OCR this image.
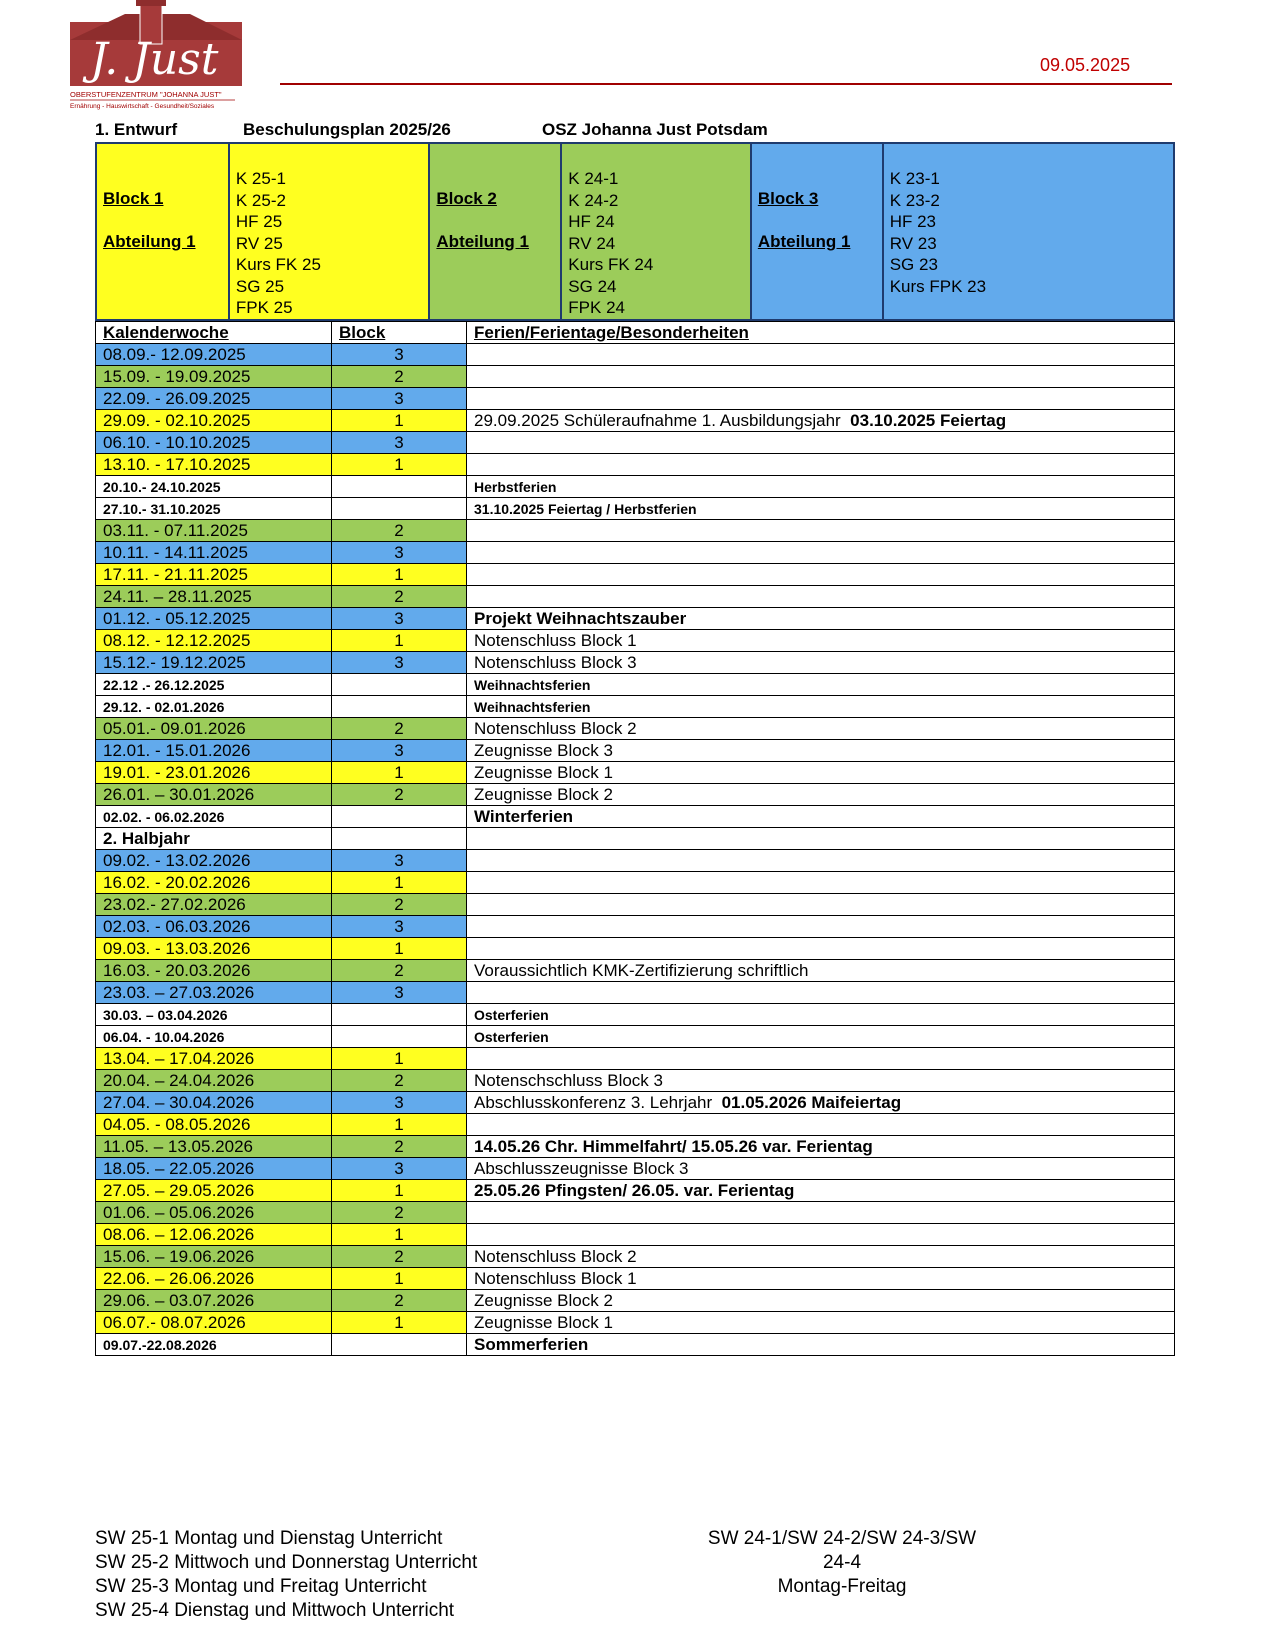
J. Just
OBERSTUFENZENTRUM "JOHANNA JUST"
Ernährung - Hauswirtschaft - Gesundheit/Soziales
09.05.2025
1. Entwurf	Beschulungsplan 2025/26	OSZ Johanna Just Potsdam
Block 1
Abteilung 1

K 25-1
K 25-2
HF 25
RV 25
Kurs FK 25
SG 25
FPK 25

Block 2
Abteilung 1

K 24-1
K 24-2
HF 24
RV 24
Kurs FK 24
SG 24
FPK 24

Block 3
Abteilung 1

K 23-1
K 23-2
HF 23
RV 23
SG 23
Kurs FPK 23
Kalenderwoche	Block	Ferien/Ferientage/Besonderheiten
08.09.- 12.09.2025	3	
15.09. - 19.09.2025	2	
22.09. - 26.09.2025	3	
29.09. - 02.10.2025	1	29.09.2025 Schüleraufnahme 1. Ausbildungsjahr 03.10.2025 Feiertag
06.10. - 10.10.2025	3	
13.10. - 17.10.2025	1	
20.10.- 24.10.2025		Herbstferien
27.10.- 31.10.2025		31.10.2025 Feiertag / Herbstferien
03.11. - 07.11.2025	2	
10.11. - 14.11.2025	3	
17.11. - 21.11.2025	1	
24.11. – 28.11.2025	2	
01.12. - 05.12.2025	3	Projekt Weihnachtszauber
08.12. - 12.12.2025	1	Notenschluss Block 1
15.12.- 19.12.2025	3	Notenschluss Block 3
22.12 .- 26.12.2025		Weihnachtsferien
29.12. - 02.01.2026		Weihnachtsferien
05.01.- 09.01.2026	2	Notenschluss Block 2
12.01. - 15.01.2026	3	Zeugnisse Block 3
19.01. - 23.01.2026	1	Zeugnisse Block 1
26.01. – 30.01.2026	2	Zeugnisse Block 2
02.02. - 06.02.2026		Winterferien
2. Halbjahr		
09.02. - 13.02.2026	3	
16.02. - 20.02.2026	1	
23.02.- 27.02.2026	2	
02.03. - 06.03.2026	3	
09.03. - 13.03.2026	1	
16.03. - 20.03.2026	2	Voraussichtlich KMK-Zertifizierung schriftlich
23.03. – 27.03.2026	3	
30.03. – 03.04.2026		Osterferien
06.04. - 10.04.2026		Osterferien
13.04. – 17.04.2026	1	
20.04. – 24.04.2026	2	Notenschschluss Block 3
27.04. – 30.04.2026	3	Abschlusskonferenz 3. Lehrjahr 01.05.2026 Maifeiertag
04.05. - 08.05.2026	1	
11.05. – 13.05.2026	2	14.05.26 Chr. Himmelfahrt/ 15.05.26 var. Ferientag
18.05. – 22.05.2026	3	Abschlusszeugnisse Block 3
27.05. – 29.05.2026	1	25.05.26 Pfingsten/ 26.05. var. Ferientag
01.06. – 05.06.2026	2	
08.06. – 12.06.2026	1	
15.06. – 19.06.2026	2	Notenschluss Block 2
22.06. – 26.06.2026	1	Notenschluss Block 1
29.06. – 03.07.2026	2	Zeugnisse Block 2
06.07.- 08.07.2026	1	Zeugnisse Block 1
09.07.-22.08.2026		Sommerferien
SW 25-1 Montag und Dienstag Unterricht
SW 25-2 Mittwoch und Donnerstag Unterricht
SW 25-3 Montag und Freitag Unterricht
SW 25-4 Dienstag und Mittwoch Unterricht
SW 24-1/SW 24-2/SW 24-3/SW 24-4
Montag-Freitag
